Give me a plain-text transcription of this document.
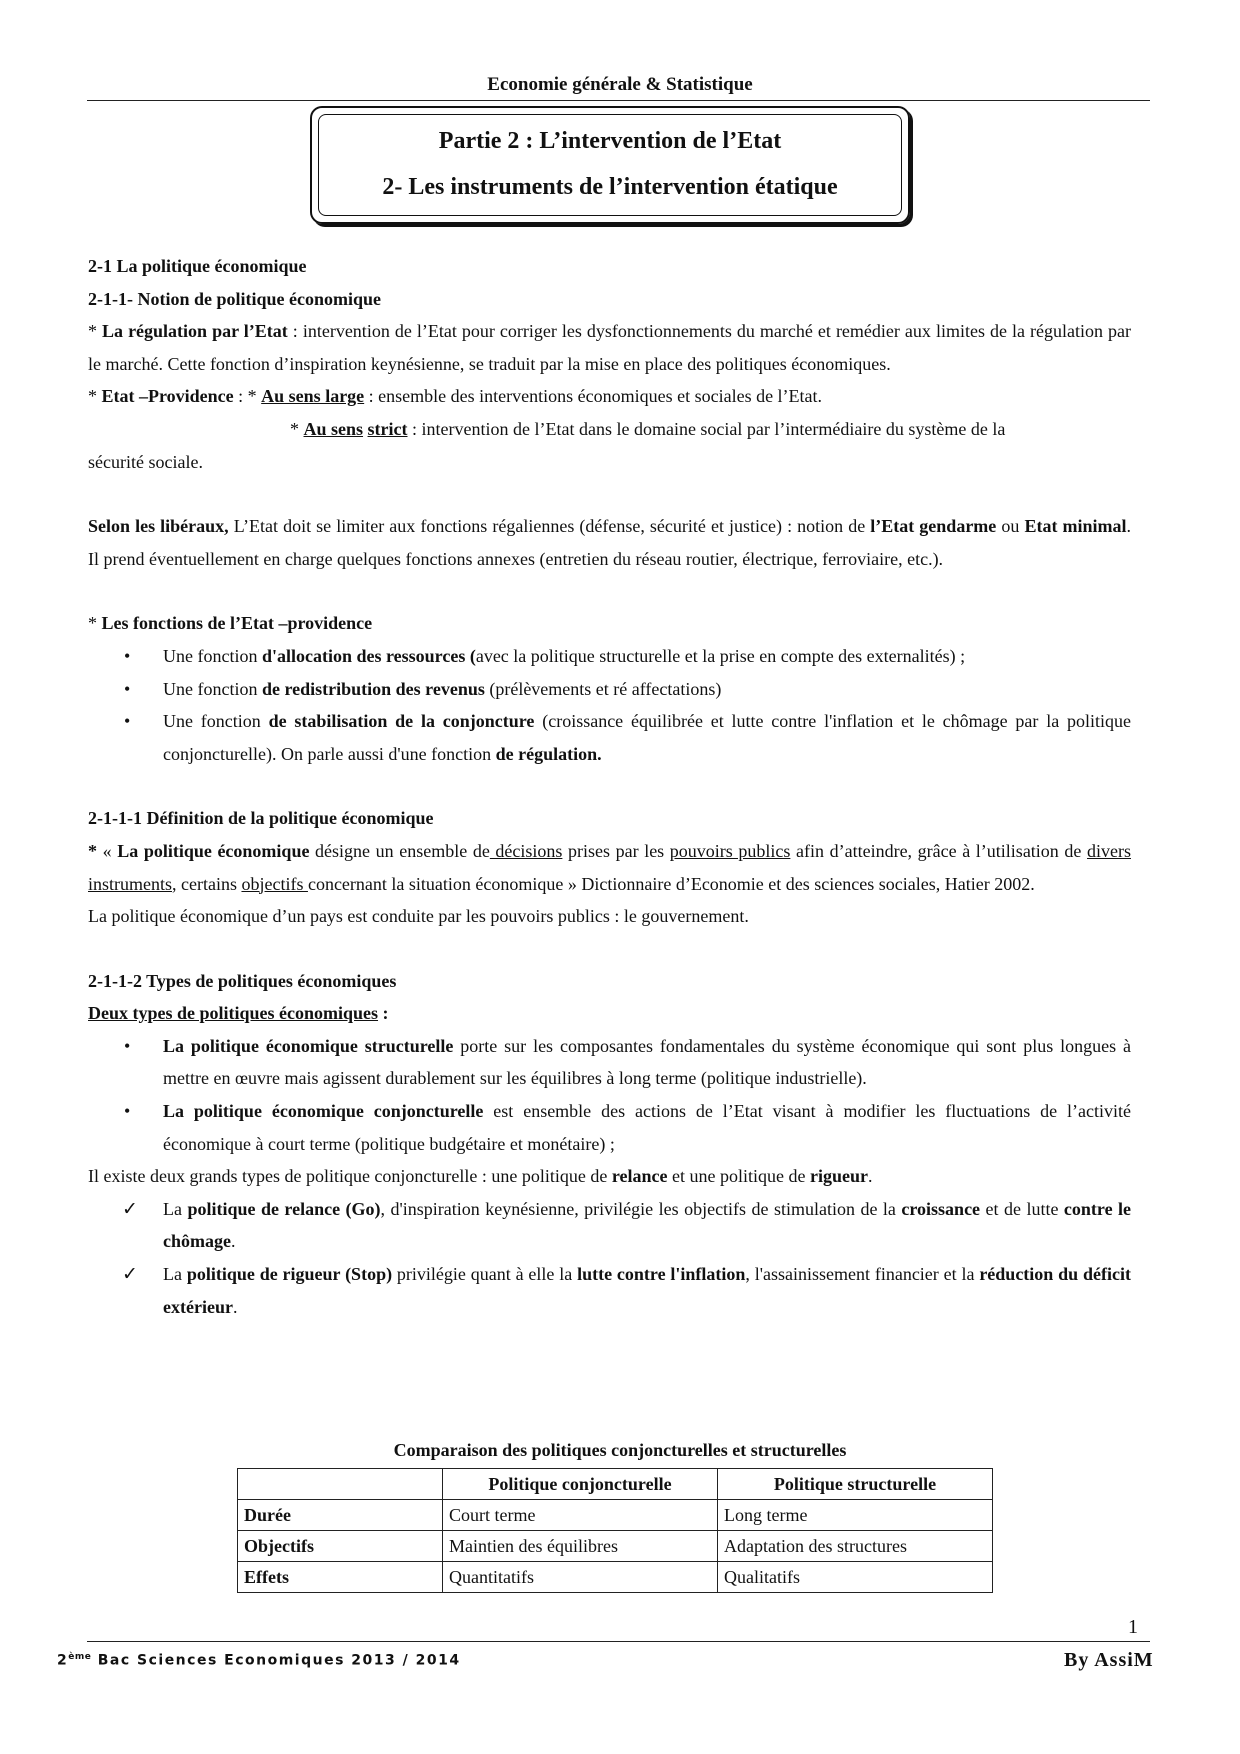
Economie générale & Statistique
Partie 2 : L’intervention de l’Etat
2- Les instruments de l’intervention étatique

2-1 La politique économique

2-1-1- Notion de politique économique

* La régulation par l’Etat : intervention de l’Etat pour corriger les dysfonctionnements du marché et remédier aux limites de la régulation par le marché. Cette fonction d’inspiration keynésienne, se traduit par la mise en place des politiques économiques.

* Etat –Providence : * Au sens large : ensemble des interventions économiques et sociales de l’Etat.

* Au sens strict : intervention de l’Etat dans le domaine social par l’intermédiaire du système de la

sécurité sociale.

Selon les libéraux, L’Etat doit se limiter aux fonctions régaliennes (défense, sécurité et justice) : notion de l’Etat gendarme ou Etat minimal. Il prend éventuellement en charge quelques fonctions annexes (entretien du réseau routier, électrique, ferroviaire, etc.).

* Les fonctions de l’Etat –providence

• Une fonction d'allocation des ressources (avec la politique structurelle et la prise en compte des externalités) ;
• Une fonction de redistribution des revenus (prélèvements et ré affectations)
• Une fonction de stabilisation de la conjoncture (croissance équilibrée et lutte contre l'inflation et le chômage par la politique conjoncturelle). On parle aussi d'une fonction de régulation.

2-1-1-1 Définition de la politique économique

* « La politique économique désigne un ensemble de décisions prises par les pouvoirs publics afin d’atteindre, grâce à l’utilisation de divers instruments, certains objectifs concernant la situation économique » Dictionnaire d’Economie et des sciences sociales, Hatier 2002.

La politique économique d’un pays est conduite par les pouvoirs publics : le gouvernement.

2-1-1-2 Types de politiques économiques

Deux types de politiques économiques :

• La politique économique structurelle porte sur les composantes fondamentales du système économique qui sont plus longues à mettre en œuvre mais agissent durablement sur les équilibres à long terme (politique industrielle).
• La politique économique conjoncturelle est ensemble des actions de l’Etat visant à modifier les fluctuations de l’activité économique à court terme (politique budgétaire et monétaire) ;

Il existe deux grands types de politique conjoncturelle : une politique de relance et une politique de rigueur.

✓ La politique de relance (Go), d'inspiration keynésienne, privilégie les objectifs de stimulation de la croissance et de lutte contre le chômage.
✓ La politique de rigueur (Stop) privilégie quant à elle la lutte contre l'inflation, l'assainissement financier et la réduction du déficit extérieur.
Comparaison des politiques conjoncturelles et structurelles
	Politique conjoncturelle	Politique structurelle
Durée	Court terme	Long terme
Objectifs	Maintien des équilibres	Adaptation des structures
Effets	Quantitatifs	Qualitatifs
1
2ème Bac Sciences Economiques 2013 / 2014	By AssiM
